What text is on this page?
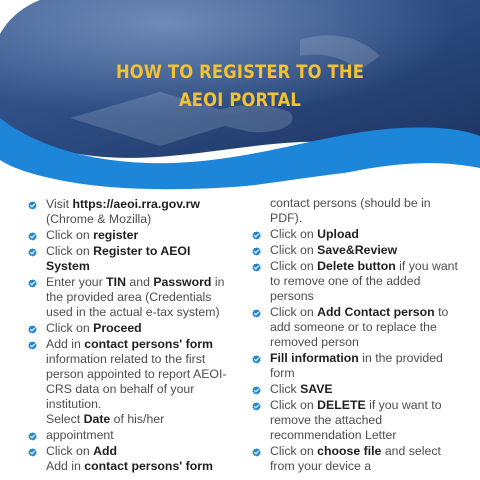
HOW TO REGISTER TO THE
AEOI PORTAL
Visit https://aeoi.rra.gov.rw (Chrome & Mozilla)
Click on register
Click on Register to AEOI System
Enter your TIN and Password in the provided area (Credentials used in the actual e-tax system)
Click on Proceed
Add in contact persons' form information related to the first person appointed to report AEOI-CRS data on behalf of your institution.
Select Date of his/her
appointment
Click on Add
Add in contact persons' form
contact persons (should be in PDF).
Click on Upload
Click on Save&Review
Click on Delete button if you want to remove one of the added persons
Click on Add Contact person to add someone or to replace the removed person
Fill information in the provided form
Click SAVE
Click on DELETE if you want to remove the attached recommendation Letter
Click on choose file and select from your device a
